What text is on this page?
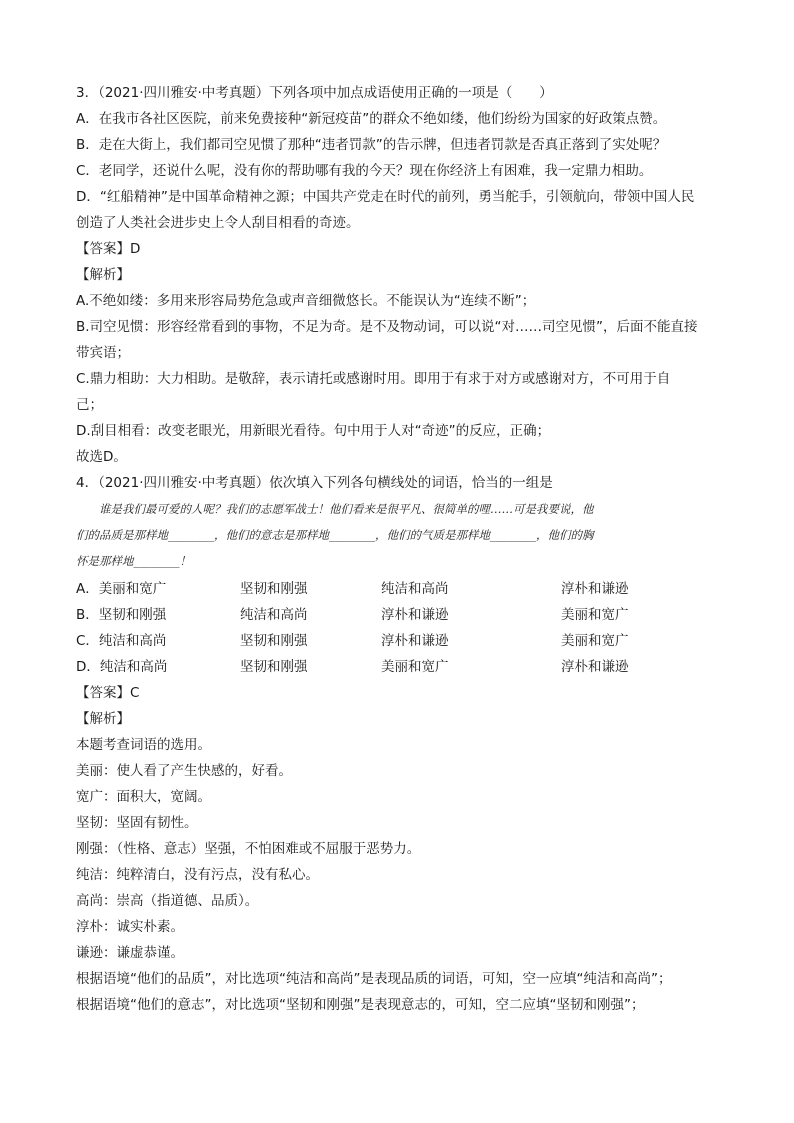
3．（2021·四川雅安·中考真题）下列各项中加点成语使用正确的一项是（　　）
A．在我市各社区医院，前来免费接种“新冠疫苗”的群众不绝如缕，他们纷纷为国家的好政策点赞。
B．走在大街上，我们都司空见惯了那种“违者罚款”的告示牌，但违者罚款是否真正落到了实处呢？
C．老同学，还说什么呢，没有你的帮助哪有我的今天？现在你经济上有困难，我一定鼎力相助。
D．“红船精神”是中国革命精神之源；中国共产党走在时代的前列，勇当舵手，引领航向，带领中国人民
创造了人类社会进步史上令人刮目相看的奇迹。
【答案】D
【解析】
A.不绝如缕：多用来形容局势危急或声音细微悠长。不能误认为“连续不断”；
B.司空见惯：形容经常看到的事物，不足为奇。是不及物动词，可以说“对……司空见惯”，后面不能直接
带宾语；
C.鼎力相助：大力相助。是敬辞，表示请托或感谢时用。即用于有求于对方或感谢对方，不可用于自
己；
D.刮目相看：改变老眼光，用新眼光看待。句中用于人对“奇迹”的反应，正确；
故选D。
4．（2021·四川雅安·中考真题）依次填入下列各句横线处的词语，恰当的一组是
　　谁是我们最可爱的人呢？我们的志愿军战士！他们看来是很平凡、很简单的哩……可是我要说，他
们的品质是那样地________，他们的意志是那样地________，他们的气质是那样地________，他们的胸
怀是那样地________！
A．美丽和宽广	坚韧和刚强	纯洁和高尚	淳朴和谦逊
B．坚韧和刚强	纯洁和高尚	淳朴和谦逊	美丽和宽广
C．纯洁和高尚	坚韧和刚强	淳朴和谦逊	美丽和宽广
D．纯洁和高尚	坚韧和刚强	美丽和宽广	淳朴和谦逊
【答案】C
【解析】
本题考查词语的选用。
美丽：使人看了产生快感的，好看。
宽广：面积大，宽阔。
坚韧：坚固有韧性。
刚强：（性格、意志）坚强，不怕困难或不屈服于恶势力。
纯洁：纯粹清白，没有污点，没有私心。
高尚：崇高（指道德、品质）。
淳朴：诚实朴素。
谦逊：谦虚恭谨。
根据语境“他们的品质”，对比选项“纯洁和高尚”是表现品质的词语，可知，空一应填“纯洁和高尚”；
根据语境“他们的意志”，对比选项“坚韧和刚强”是表现意志的，可知，空二应填“坚韧和刚强”；
